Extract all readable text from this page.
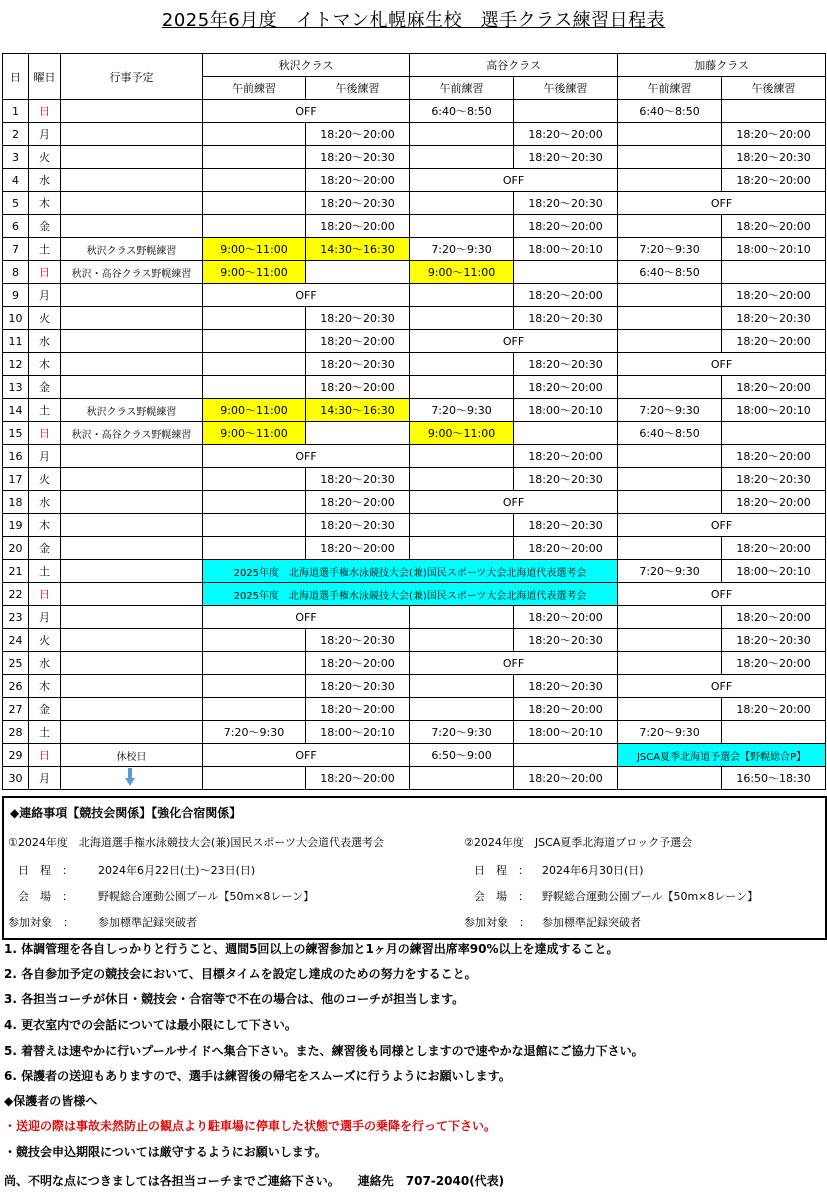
2025年6月度　イトマン札幌麻生校　選手クラス練習日程表
日	曜日	行事予定	秋沢クラス		高谷クラス		加藤クラス	
			午前練習	午後練習	午前練習	午後練習	午前練習	午後練習
1	日		OFF		6:40～8:50		6:40～8:50	
2	月			18:20～20:00		18:20～20:00		18:20～20:00
3	火			18:20～20:30		18:20～20:30		18:20～20:30
4	水			18:20～20:00	OFF			18:20～20:00
5	木			18:20～20:30		18:20～20:30	OFF	
6	金			18:20～20:00		18:20～20:00		18:20～20:00
7	土	秋沢クラス野幌練習	9:00～11:00	14:30～16:30	7:20～9:30	18:00～20:10	7:20～9:30	18:00～20:10
8	日	秋沢・高谷クラス野幌練習	9:00～11:00		9:00～11:00		6:40～8:50	
9	月		OFF			18:20～20:00		18:20～20:00
10	火			18:20～20:30		18:20～20:30		18:20～20:30
11	水			18:20～20:00	OFF			18:20～20:00
12	木			18:20～20:30		18:20～20:30	OFF	
13	金			18:20～20:00		18:20～20:00		18:20～20:00
14	土	秋沢クラス野幌練習	9:00～11:00	14:30～16:30	7:20～9:30	18:00～20:10	7:20～9:30	18:00～20:10
15	日	秋沢・高谷クラス野幌練習	9:00～11:00		9:00～11:00		6:40～8:50	
16	月		OFF			18:20～20:00		18:20～20:00
17	火			18:20～20:30		18:20～20:30		18:20～20:30
18	水			18:20～20:00	OFF			18:20～20:00
19	木			18:20～20:30		18:20～20:30	OFF	
20	金			18:20～20:00		18:20～20:00		18:20～20:00
21	土		2025年度　北海道選手権水泳競技大会(兼)国民スポーツ大会北海道代表選考会				7:20～9:30	18:00～20:10
22	日		2025年度　北海道選手権水泳競技大会(兼)国民スポーツ大会北海道代表選考会				OFF	
23	月		OFF			18:20～20:00		18:20～20:00
24	火			18:20～20:30		18:20～20:30		18:20～20:30
25	水			18:20～20:00	OFF			18:20～20:00
26	木			18:20～20:30		18:20～20:30	OFF	
27	金			18:20～20:00		18:20～20:00		18:20～20:00
28	土		7:20～9:30	18:00～20:10	7:20～9:30	18:00～20:10	7:20～9:30	
29	日	休校日	OFF		6:50～9:00		JSCA夏季北海道予選会【野幌総合P】	
30	月			18:20～20:00		18:20～20:00		16:50～18:30
◆連絡事項【競技会関係】【強化合宿関係】
①2024年度　北海道選手権水泳競技大会(兼)国民スポーツ大会道代表選考会
日　程　： 2024年6月22日(土)～23日(日)
会　場　： 野幌総合運動公園プール【50m×8レーン】
参加対象　： 参加標準記録突破者
②2024年度　JSCA夏季北海道ブロック予選会
日　程　： 2024年6月30日(日)
会　場　： 野幌総合運動公園プール【50m×8レーン】
参加対象　： 参加標準記録突破者
1. 体調管理を各自しっかりと行うこと、週間5回以上の練習参加と1ヶ月の練習出席率90%以上を達成すること。
2. 各自参加予定の競技会において、目標タイムを設定し達成のための努力をすること。
3. 各担当コーチが休日・競技会・合宿等で不在の場合は、他のコーチが担当します。
4. 更衣室内での会話については最小限にして下さい。
5. 着替えは速やかに行いプールサイドへ集合下さい。また、練習後も同様としますので速やかな退館にご協力下さい。
6. 保護者の送迎もありますので、選手は練習後の帰宅をスムーズに行うようにお願いします。
◆保護者の皆様へ
・送迎の際は事故未然防止の観点より駐車場に停車した状態で選手の乗降を行って下さい。
・競技会申込期限については厳守するようにお願いします。
尚、不明な点につきましては各担当コーチまでご連絡下さい。　　連絡先　707-2040(代表)
